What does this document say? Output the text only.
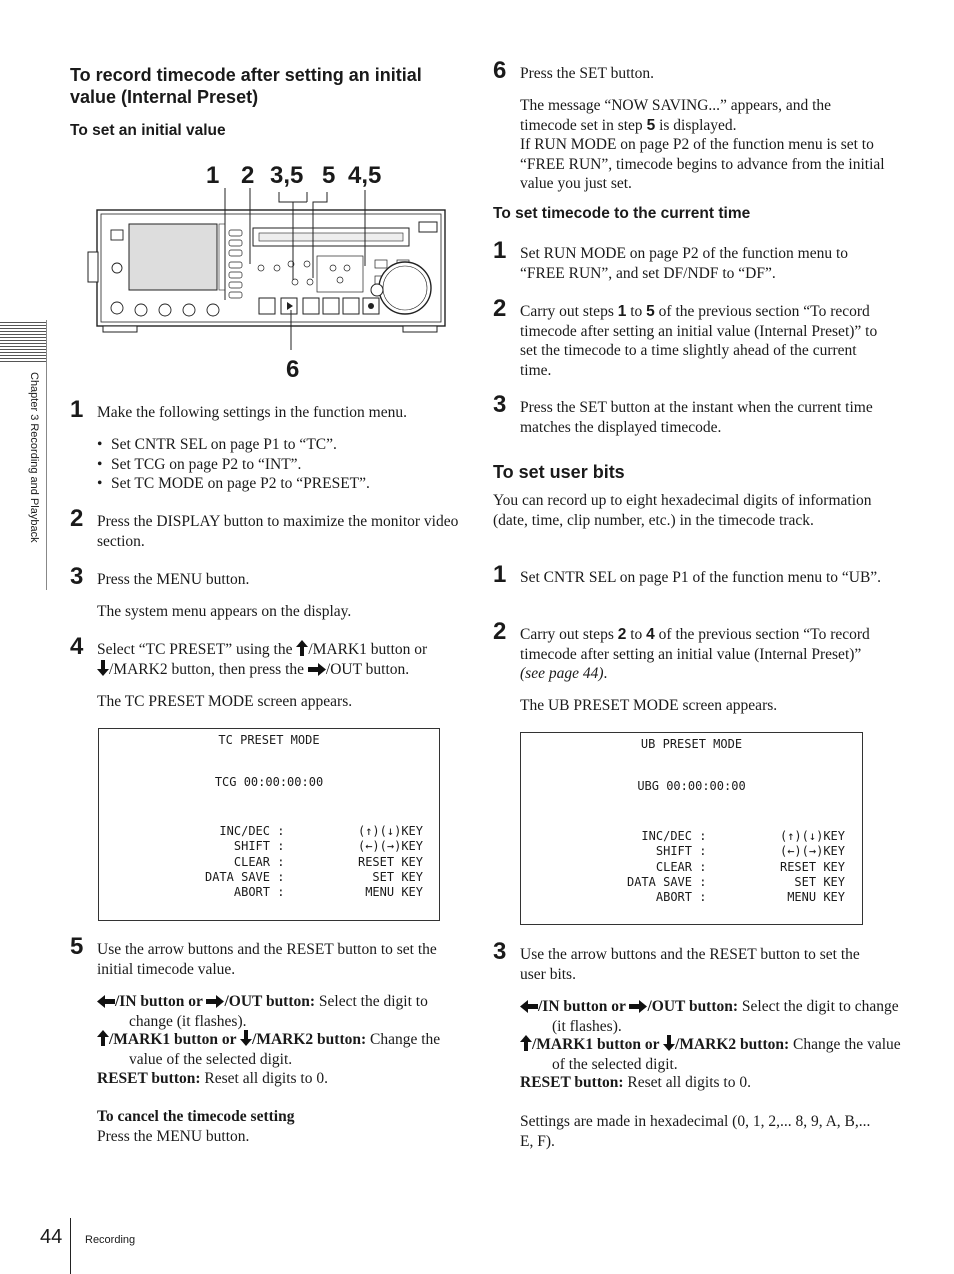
Chapter 3 Recording and Playback
To record timecode after setting an initial value (Internal Preset)
To set an initial value
1 2 3,5 5 4,5
6
1 Make the following settings in the function menu.
• Set CNTR SEL on page P1 to “TC”.
• Set TCG on page P2 to “INT”.
• Set TC MODE on page P2 to “PRESET”.
2 Press the DISPLAY button to maximize the monitor video section.
3 Press the MENU button.
The system menu appears on the display.
4 Select “TC PRESET” using the /MARK1 button or
/MARK2 button, then press the /OUT button.
The TC PRESET MODE screen appears.
TC PRESET MODE
TCG 00:00:00:00
INC/DEC :	(↑)(↓)KEY
SHIFT :	(←)(→)KEY
CLEAR :	RESET KEY
DATA SAVE :	SET KEY
ABORT :	MENU KEY
5 Use the arrow buttons and the RESET button to set the initial timecode value.
/IN button or /OUT button: Select the digit to change (it flashes).
/MARK1 button or /MARK2 button: Change the value of the selected digit.
RESET button: Reset all digits to 0.
To cancel the timecode setting
Press the MENU button.
6 Press the SET button.
The message “NOW SAVING...” appears, and the timecode set in step 5 is displayed.
If RUN MODE on page P2 of the function menu is set to “FREE RUN”, timecode begins to advance from the initial value you just set.
To set timecode to the current time
1 Set RUN MODE on page P2 of the function menu to “FREE RUN”, and set DF/NDF to “DF”.
2 Carry out steps 1 to 5 of the previous section “To record timecode after setting an initial value (Internal Preset)” to set the timecode to a time slightly ahead of the current time.
3 Press the SET button at the instant when the current time matches the displayed timecode.
To set user bits
You can record up to eight hexadecimal digits of information (date, time, clip number, etc.) in the timecode track.
1 Set CNTR SEL on page P1 of the function menu to “UB”.
2 Carry out steps 2 to 4 of the previous section “To record timecode after setting an initial value (Internal Preset)” (see page 44).
The UB PRESET MODE screen appears.
UB PRESET MODE
UBG 00:00:00:00
INC/DEC :	(↑)(↓)KEY
SHIFT :	(←)(→)KEY
CLEAR :	RESET KEY
DATA SAVE :	SET KEY
ABORT :	MENU KEY
3 Use the arrow buttons and the RESET button to set the user bits.
/IN button or /OUT button: Select the digit to change (it flashes).
/MARK1 button or /MARK2 button: Change the value of the selected digit.
RESET button: Reset all digits to 0.
Settings are made in hexadecimal (0, 1, 2,... 8, 9, A, B,... E, F).
44 Recording
